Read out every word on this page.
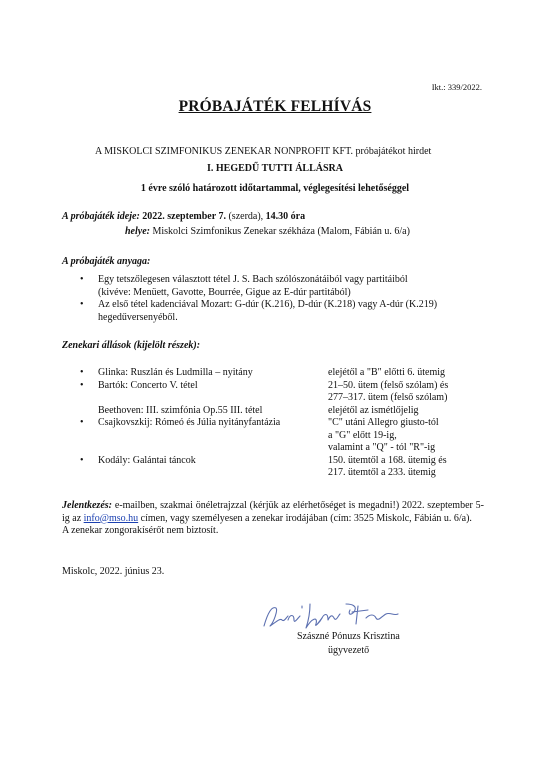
Ikt.: 339/2022.
PRÓBAJÁTÉK FELHÍVÁS
A MISKOLCI SZIMFONIKUS ZENEKAR NONPROFIT KFT. próbajátékot hirdet
I. HEGEDŰ TUTTI ÁLLÁSRA
1 évre szóló határozott időtartammal, véglegesítési lehetőséggel
A próbajáték ideje: 2022. szeptember 7. (szerda), 14.30 óra
helye: Miskolci Szimfonikus Zenekar székháza (Malom, Fábián u. 6/a)
A próbajáték anyaga:
• Egy tetszőlegesen választott tétel J. S. Bach szólószonátáiból vagy partitáiból
(kivéve: Menüett, Gavotte, Bourrée, Gigue az E-dúr partitából)
• Az első tétel kadenciával Mozart: G-dúr (K.216), D-dúr (K.218) vagy A-dúr (K.219)
hegedűversenyéből.
Zenekari állások (kijelölt részek):
• Glinka: Ruszlán és Ludmilla – nyitány	elejétől a "B" előtti 6. ütemig
• Bartók: Concerto V. tétel	21–50. ütem (felső szólam) és
277–317. ütem (felső szólam)
Beethoven: III. szimfónia Op.55 III. tétel	elejétől az ismétlőjelig
• Csajkovszkij: Rómeó és Júlia nyitányfantázia	"C" utáni Allegro giusto-tól
a "G" előtt 19-ig,
valamint a "Q" - tól "R"-ig
• Kodály: Galántai táncok	150. ütemtől a 168. ütemig és
217. ütemtől a 233. ütemig
Jelentkezés: e-mailben, szakmai önéletrajzzal (kérjük az elérhetőséget is megadni!) 2022. szeptember 5-ig az info@mso.hu címen, vagy személyesen a zenekar irodájában (cím: 3525 Miskolc, Fábián u. 6/a).
A zenekar zongorakísérőt nem biztosít.
Miskolc, 2022. június 23.
Szászné Pónuzs Krisztina
ügyvezető
